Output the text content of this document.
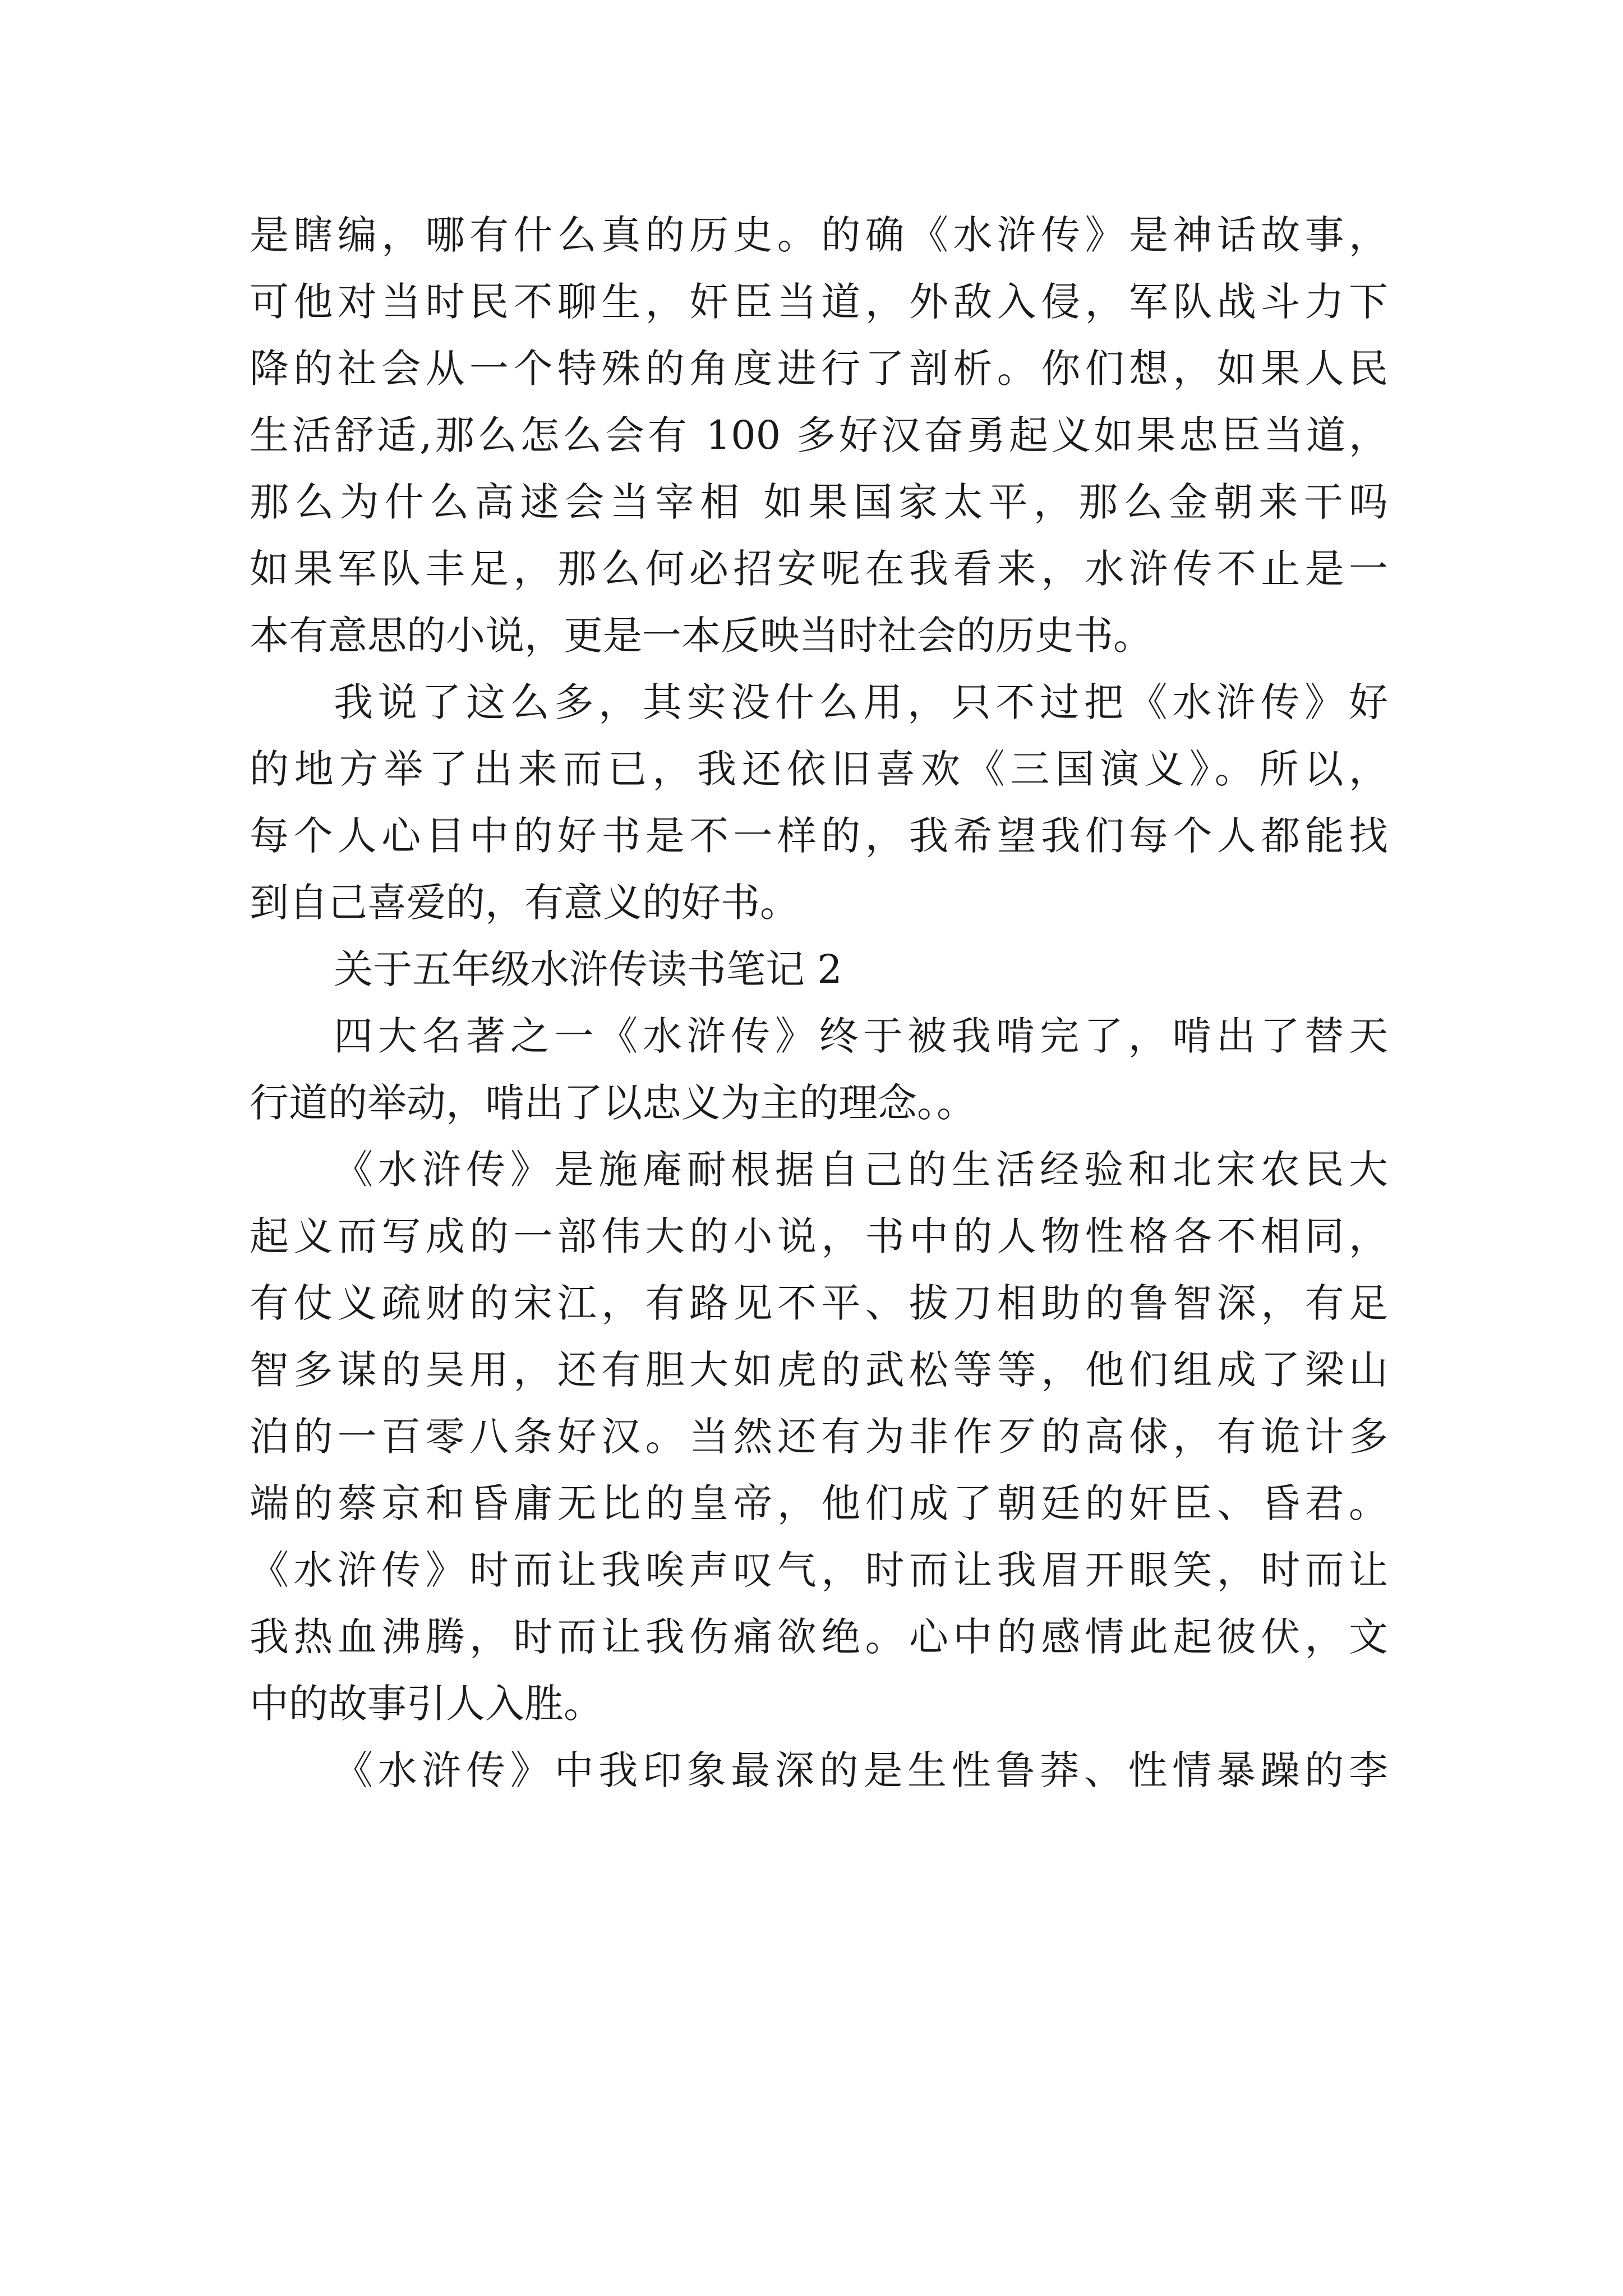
是瞎编，哪有什么真的历史。的确《水浒传》是神话故事，
可他对当时民不聊生，奸臣当道，外敌入侵，军队战斗力下
降的社会从一个特殊的角度进行了剖析。你们想，如果人民
生活舒适,那么怎么会有 100 多好汉奋勇起义如果忠臣当道，
那么为什么高逑会当宰相 如果国家太平，那么金朝来干吗
如果军队丰足，那么何必招安呢在我看来，水浒传不止是一
本有意思的小说，更是一本反映当时社会的历史书。
我说了这么多，其实没什么用，只不过把《水浒传》好
的地方举了出来而已，我还依旧喜欢《三国演义》。所以，
每个人心目中的好书是不一样的，我希望我们每个人都能找
到自己喜爱的，有意义的好书。
关于五年级水浒传读书笔记 2
四大名著之一《水浒传》终于被我啃完了，啃出了替天
行道的举动，啃出了以忠义为主的理念。。
《水浒传》是施庵耐根据自己的生活经验和北宋农民大
起义而写成的一部伟大的小说，书中的人物性格各不相同，
有仗义疏财的宋江，有路见不平、拔刀相助的鲁智深，有足
智多谋的吴用，还有胆大如虎的武松等等，他们组成了梁山
泊的一百零八条好汉。当然还有为非作歹的高俅，有诡计多
端的蔡京和昏庸无比的皇帝，他们成了朝廷的奸臣、昏君。
《水浒传》时而让我唉声叹气，时而让我眉开眼笑，时而让
我热血沸腾，时而让我伤痛欲绝。心中的感情此起彼伏，文
中的故事引人入胜。
《水浒传》中我印象最深的是生性鲁莽、性情暴躁的李
